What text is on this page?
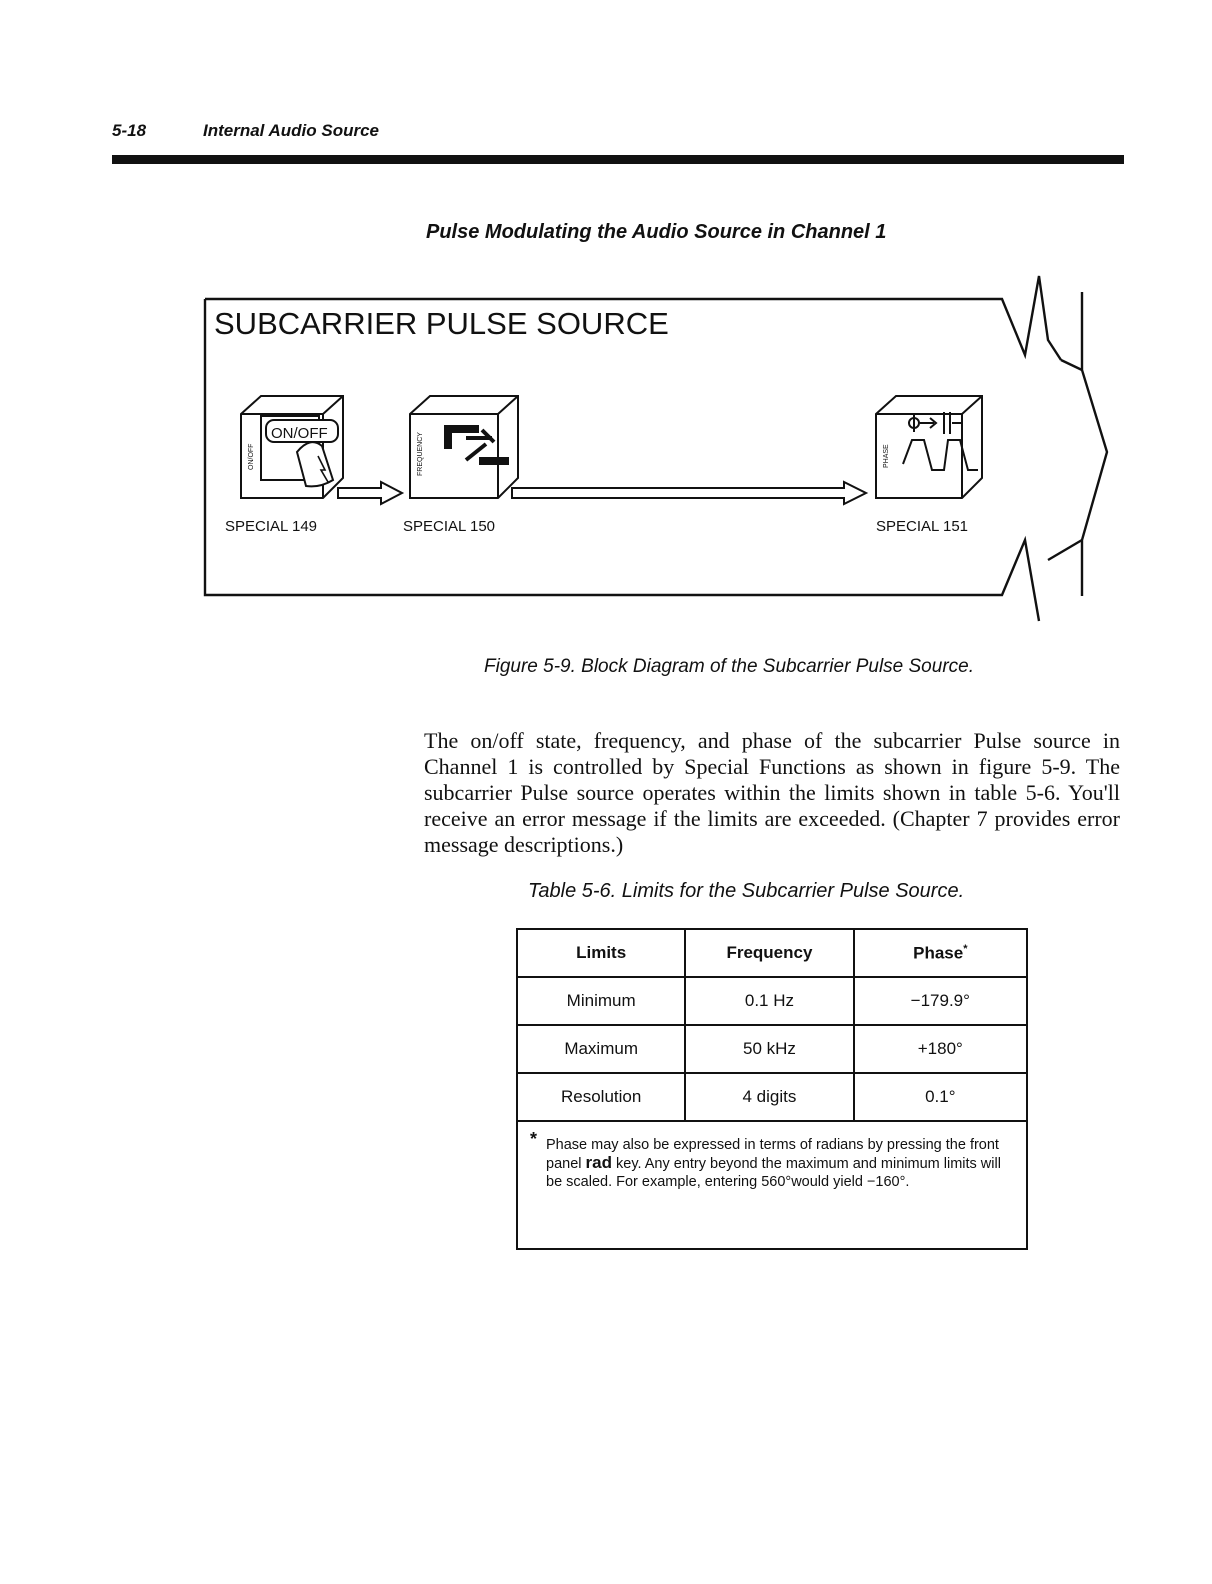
5-18	Internal Audio Source
Pulse Modulating the Audio Source in Channel 1
SUBCARRIER PULSE SOURCE
ON/OFF
ON/OFF	FREQUENCY	PHASE
SPECIAL 149	SPECIAL 150	SPECIAL 151
Figure 5-9. Block Diagram of the Subcarrier Pulse Source.
The on/off state, frequency, and phase of the subcarrier Pulse source in Channel 1 is controlled by Special Functions as shown in figure 5-9. The subcarrier Pulse source operates within the limits shown in table 5-6. You'll receive an error message if the limits are exceeded. (Chapter 7 provides error message descriptions.)
Table 5-6. Limits for the Subcarrier Pulse Source.
Limits	Frequency	Phase*
Minimum	0.1 Hz	−179.9°
Maximum	50 kHz	+180°
Resolution	4 digits	0.1°

* Phase may also be expressed in terms of radians by pressing the front panel rad key. Any entry beyond the maximum and minimum limits will be scaled. For example, entering 560°would yield −160°.		
